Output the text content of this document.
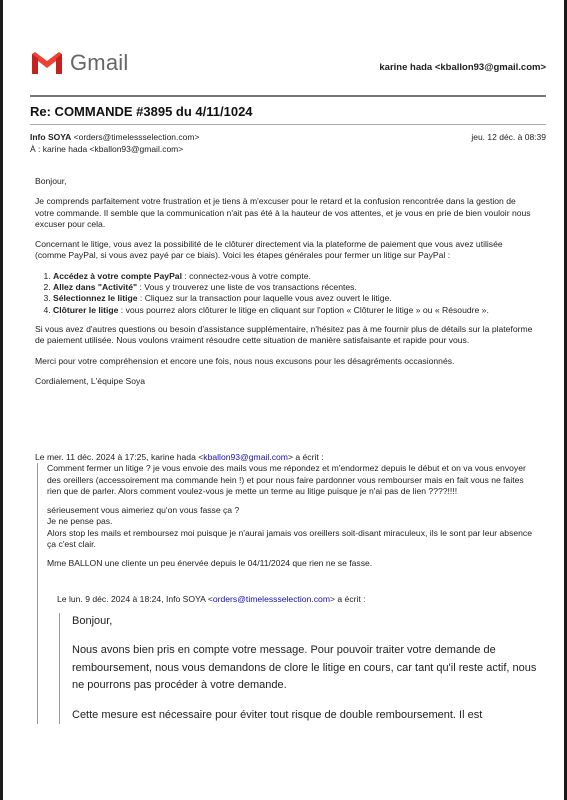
Gmail	karine hada <kballon93@gmail.com>
Re: COMMANDE #3895 du 4/11/1024
Info SOYA <orders@timelessselection.com>	jeu. 12 déc. à 08:39
À : karine hada <kballon93@gmail.com>

Bonjour,

Je comprends parfaitement votre frustration et je tiens à m'excuser pour le retard et la confusion rencontrée dans la gestion de votre commande. Il semble que la communication n'ait pas été à la hauteur de vos attentes, et je vous en prie de bien vouloir nous excuser pour cela.

Concernant le litige, vous avez la possibilité de le clôturer directement via la plateforme de paiement que vous avez utilisée (comme PayPal, si vous avez payé par ce biais). Voici les étapes générales pour fermer un litige sur PayPal :

1. Accédez à votre compte PayPal : connectez-vous à votre compte.
2. Allez dans "Activité" : Vous y trouverez une liste de vos transactions récentes.
3. Sélectionnez le litige : Cliquez sur la transaction pour laquelle vous avez ouvert le litige.
4. Clôturer le litige : vous pourrez alors clôturer le litige en cliquant sur l'option « Clôturer le litige » ou « Résoudre ».

Si vous avez d'autres questions ou besoin d'assistance supplémentaire, n'hésitez pas à me fournir plus de détails sur la plateforme de paiement utilisée. Nous voulons vraiment résoudre cette situation de manière satisfaisante et rapide pour vous.

Merci pour votre compréhension et encore une fois, nous nous excusons pour les désagréments occasionnés.

Cordialement, L'équipe Soya

Le mer. 11 déc. 2024 à 17:25, karine hada <kballon93@gmail.com> a écrit :

Comment fermer un litige ? je vous envoie des mails vous me répondez et m'endormez depuis le début et on va vous envoyer des oreillers (accessoirement ma commande hein !) et pour nous faire pardonner vous rembourser mais en fait vous ne faites rien que de parler. Alors comment voulez-vous je mette un terme au litige puisque je n'ai pas de lien ????!!!!

sérieusement vous aimeriez qu'on vous fasse ça ?

Je ne pense pas.

Alors stop les mails et remboursez moi puisque je n'aurai jamais vos oreillers soit-disant miraculeux, ils le sont par leur absence ça c'est clair.

Mme BALLON une cliente un peu énervée depuis le 04/11/2024 que rien ne se fasse.

Le lun. 9 déc. 2024 à 18:24, Info SOYA <orders@timelessselection.com> a écrit :

Bonjour,

Nous avons bien pris en compte votre message. Pour pouvoir traiter votre demande de remboursement, nous vous demandons de clore le litige en cours, car tant qu'il reste actif, nous ne pourrons pas procéder à votre demande.

Cette mesure est nécessaire pour éviter tout risque de double remboursement. Il est
